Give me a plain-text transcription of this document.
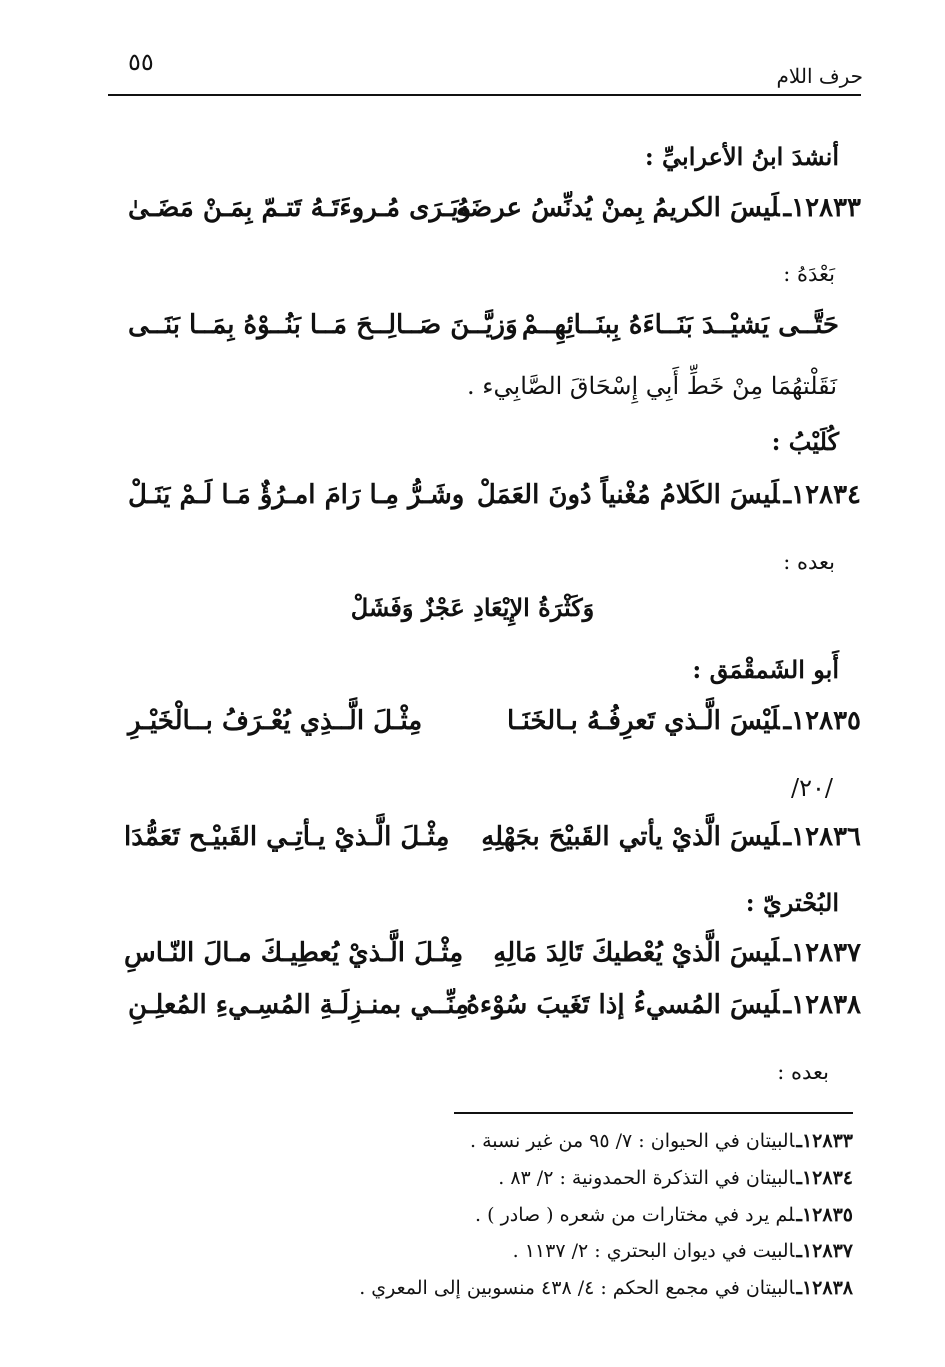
حرف اللام
٥٥
أنشدَ ابنُ الأعرابيِّ :
١٢٨٣٣ـلَيسَ الكريمُ بِمنْ يُدنِّسُ عرضَهُ
ويَـرَى مُـروءَتَـهُ تَتـمّ بِمَـنْ مَضَـىٰ
بَعْدَهُ :
حَتَّــى يَشيْــدَ بَنَــاءَهُ بِبنَــائِهِــمْ
وَزيَّــنَ صَــالِــحَ مَــا بَنُــوْهُ بِمَــا بَنَــى
نَقَلْتهُمَا مِنْ خَطِّ أَبِي إِسْحَاقَ الصَّابِيء .
كُلَيْبُ :
١٢٨٣٤ـلَيسَ الكَلامُ مُغْنياً دُونَ العَمَلْ
وشَـرُّ مِـا رَامَ امـرُؤٌ مَـا لَـمْ يَنَـلْ
بعده :
وَكَثْرَةُ الإِيْعَادِ عَجْزٌ وَفَشَلْ
أَبو الشَمقْمَق :
١٢٨٣٥ـلَيْسَ الَّـذي تَعرِفُـهُ بـالخَنَـا
مِثْـلَ الَّــذِي يُعْـرَفُ بــالْخَيْـرِ
/٢٠/
١٢٨٣٦ـلَيسَ الَّذيْ يأتي القَبيْحَ بجَهْلِهِ
مِثْـلَ الَّـذيْ يـأتِـي القَبيْـح تَعَمُّدَا
البُحْتريّ :
١٢٨٣٧ـلَيسَ الَّذيْ يُعْطيكَ تَالِدَ مَالِهِ
مِثْـلَ الَّـذيْ يُعطِيـكَ مـالَ النّـاسِ
١٢٨٣٨ـلَيسَ المُسيءُ إذا تَغَيبَ سُوْءهُ
مِنِّــي بمنـزِلَـةِ المُسِـيءِ المُعلِـنِ
بعده :
١٢٨٣٣ـالبيتان في الحيوان : ٧/ ٩٥ من غير نسبة .
١٢٨٣٤ـالبيتان في التذكرة الحمدونية : ٢/ ٨٣ .
١٢٨٣٥ـلم يرد في مختارات من شعره ( صادر ) .
١٢٨٣٧ـالبيت في ديوان البحتري : ٢/ ١١٣٧ .
١٢٨٣٨ـالبيتان في مجمع الحكم : ٤/ ٤٣٨ منسوبين إلى المعري .
